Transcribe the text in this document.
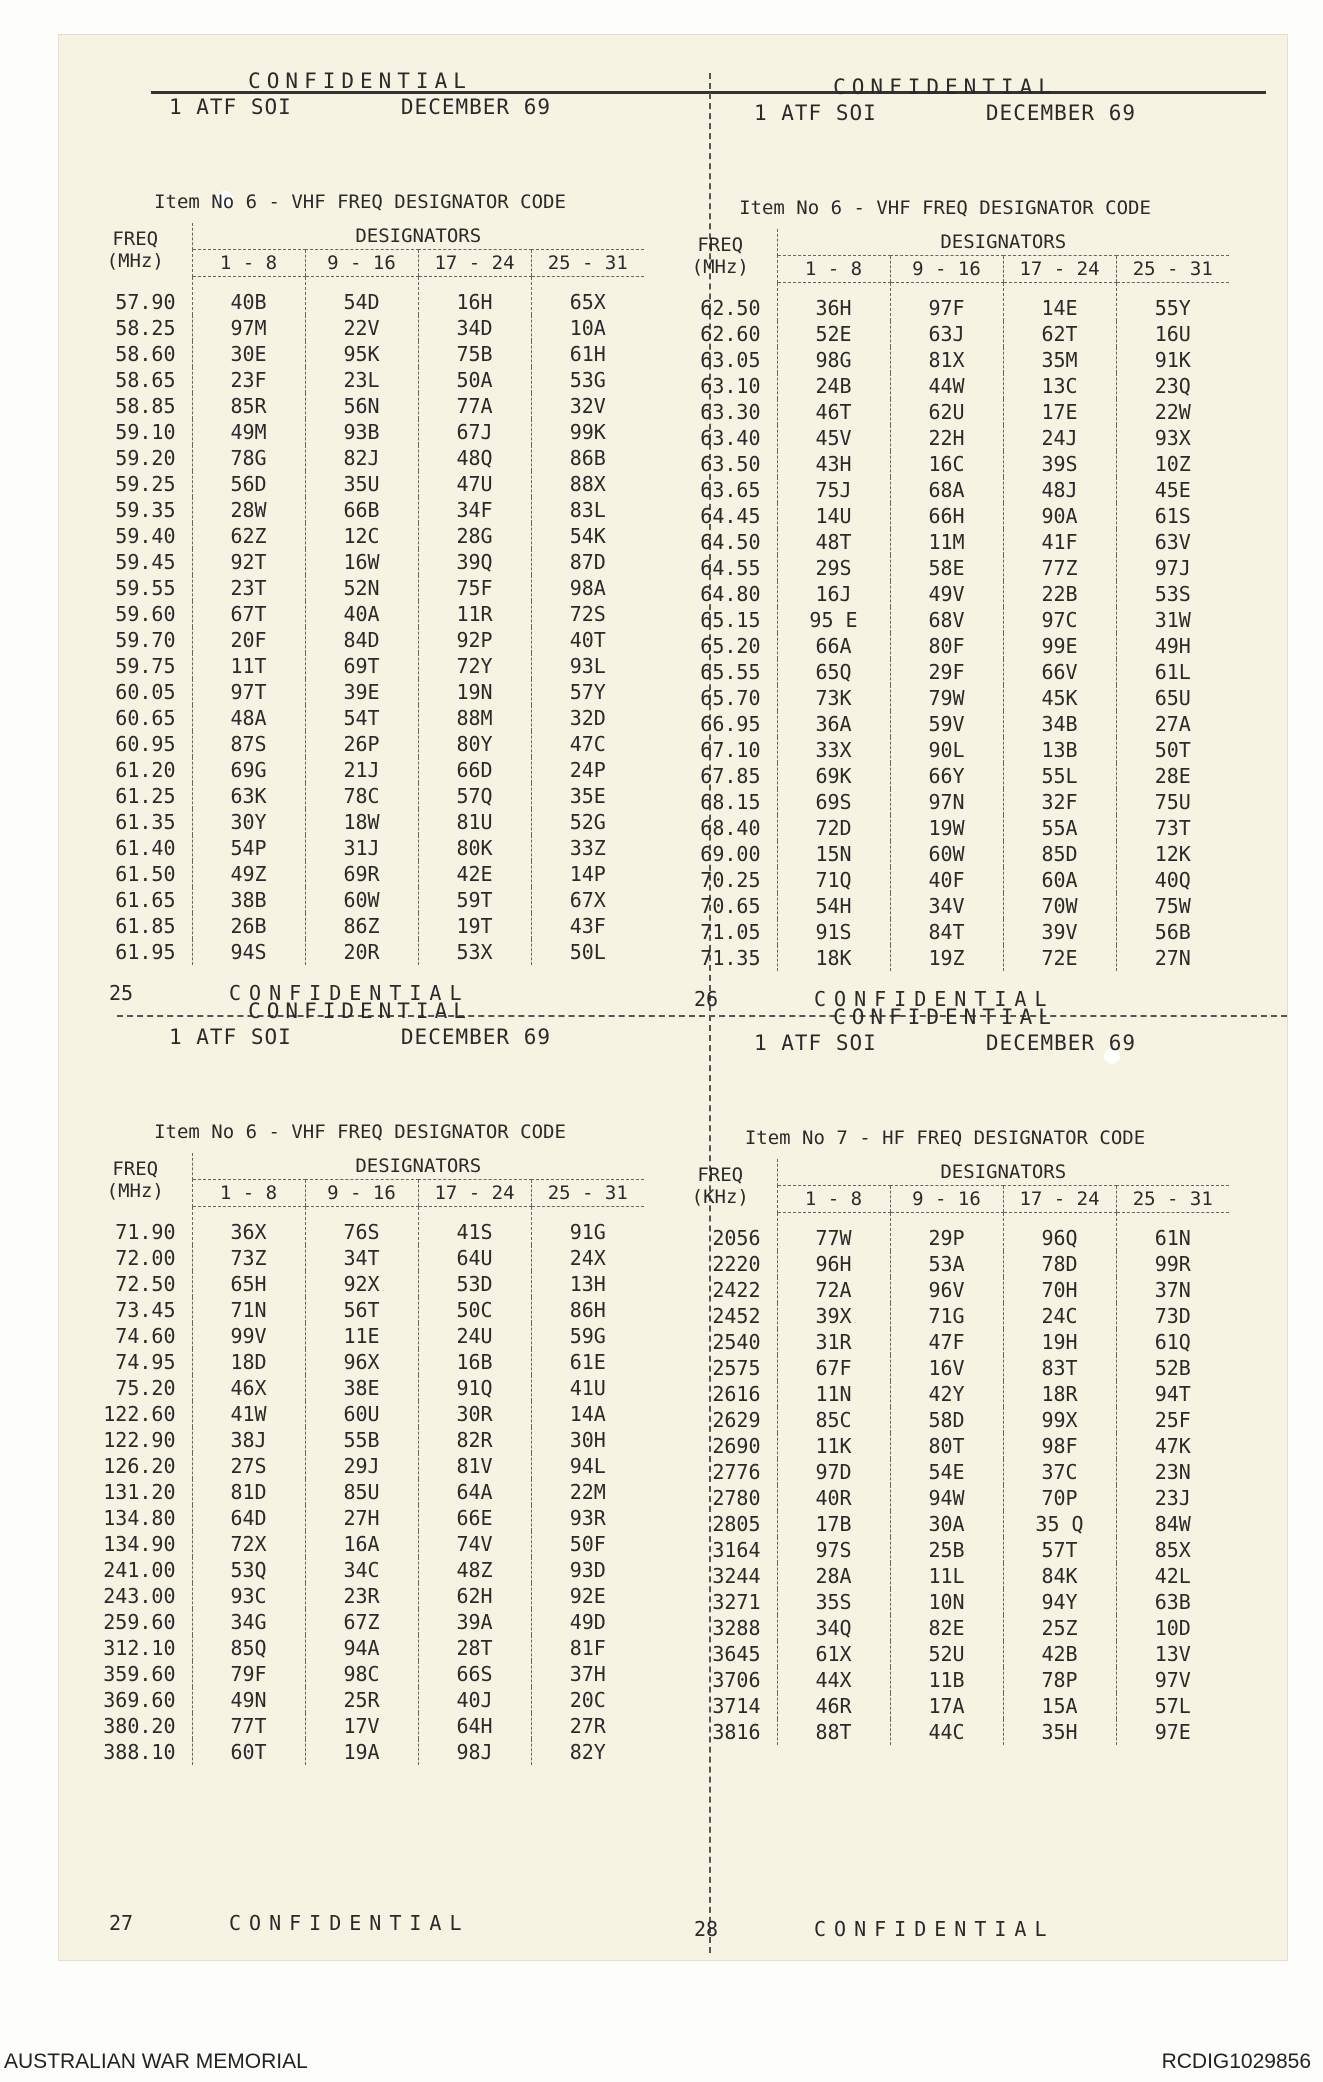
CONFIDENTIAL
1 ATF SOI        DECEMBER 69
Item No 6 - VHF FREQ DESIGNATOR CODE
FREQ (MHz)	DESIGNATORS			
	1 - 8	9 - 16	17 - 24	25 - 31
57.90	40B	54D	16H	65X
58.25	97M	22V	34D	10A
58.60	30E	95K	75B	61H
58.65	23F	23L	50A	53G
58.85	85R	56N	77A	32V
59.10	49M	93B	67J	99K
59.20	78G	82J	48Q	86B
59.25	56D	35U	47U	88X
59.35	28W	66B	34F	83L
59.40	62Z	12C	28G	54K
59.45	92T	16W	39Q	87D
59.55	23T	52N	75F	98A
59.60	67T	40A	11R	72S
59.70	20F	84D	92P	40T
59.75	11T	69T	72Y	93L
60.05	97T	39E	19N	57Y
60.65	48A	54T	88M	32D
60.95	87S	26P	80Y	47C
61.20	69G	21J	66D	24P
61.25	63K	78C	57Q	35E
61.35	30Y	18W	81U	52G
61.40	54P	31J	80K	33Z
61.50	49Z	69R	42E	14P
61.65	38B	60W	59T	67X
61.85	26B	86Z	19T	43F
61.95	94S	20R	53X	50L
25	CONFIDENTIAL
CONFIDENTIAL
1 ATF SOI        DECEMBER 69
Item No 6 - VHF FREQ DESIGNATOR CODE
FREQ (MHz)	DESIGNATORS			
	1 - 8	9 - 16	17 - 24	25 - 31
62.50	36H	97F	14E	55Y
62.60	52E	63J	62T	16U
63.05	98G	81X	35M	91K
63.10	24B	44W	13C	23Q
63.30	46T	62U	17E	22W
63.40	45V	22H	24J	93X
63.50	43H	16C	39S	10Z
63.65	75J	68A	48J	45E
64.45	14U	66H	90A	61S
64.50	48T	11M	41F	63V
64.55	29S	58E	77Z	97J
64.80	16J	49V	22B	53S
65.15	95 E	68V	97C	31W
65.20	66A	80F	99E	49H
65.55	65Q	29F	66V	61L
65.70	73K	79W	45K	65U
66.95	36A	59V	34B	27A
67.10	33X	90L	13B	50T
67.85	69K	66Y	55L	28E
68.15	69S	97N	32F	75U
68.40	72D	19W	55A	73T
69.00	15N	60W	85D	12K
70.25	71Q	40F	60A	40Q
70.65	54H	34V	70W	75W
71.05	91S	84T	39V	56B
71.35	18K	19Z	72E	27N
26	CONFIDENTIAL
CONFIDENTIAL
1 ATF SOI        DECEMBER 69
Item No 6 - VHF FREQ DESIGNATOR CODE
FREQ (MHz)	DESIGNATORS			
	1 - 8	9 - 16	17 - 24	25 - 31
71.90	36X	76S	41S	91G
72.00	73Z	34T	64U	24X
72.50	65H	92X	53D	13H
73.45	71N	56T	50C	86H
74.60	99V	11E	24U	59G
74.95	18D	96X	16B	61E
75.20	46X	38E	91Q	41U
122.60	41W	60U	30R	14A
122.90	38J	55B	82R	30H
126.20	27S	29J	81V	94L
131.20	81D	85U	64A	22M
134.80	64D	27H	66E	93R
134.90	72X	16A	74V	50F
241.00	53Q	34C	48Z	93D
243.00	93C	23R	62H	92E
259.60	34G	67Z	39A	49D
312.10	85Q	94A	28T	81F
359.60	79F	98C	66S	37H
369.60	49N	25R	40J	20C
380.20	77T	17V	64H	27R
388.10	60T	19A	98J	82Y
27	CONFIDENTIAL
CONFIDENTIAL
1 ATF SOI        DECEMBER 69
Item No 7 - HF FREQ DESIGNATOR CODE
FREQ (KHz)	DESIGNATORS			
	1 - 8	9 - 16	17 - 24	25 - 31
2056	77W	29P	96Q	61N
2220	96H	53A	78D	99R
2422	72A	96V	70H	37N
2452	39X	71G	24C	73D
2540	31R	47F	19H	61Q
2575	67F	16V	83T	52B
2616	11N	42Y	18R	94T
2629	85C	58D	99X	25F
2690	11K	80T	98F	47K
2776	97D	54E	37C	23N
2780	40R	94W	70P	23J
2805	17B	30A	35 Q	84W
3164	97S	25B	57T	85X
3244	28A	11L	84K	42L
3271	35S	10N	94Y	63B
3288	34Q	82E	25Z	10D
3645	61X	52U	42B	13V
3706	44X	11B	78P	97V
3714	46R	17A	15A	57L
3816	88T	44C	35H	97E
28	CONFIDENTIAL
AUSTRALIAN WAR MEMORIAL	RCDIG1029856
